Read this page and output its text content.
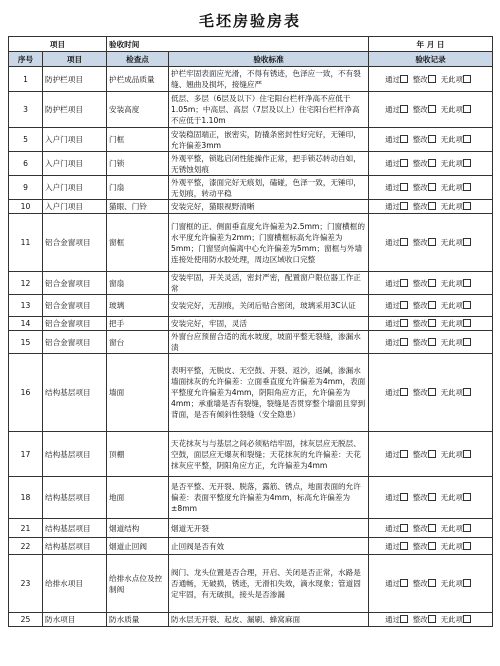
毛坯房验房表
项目		验收时间		年 月 日
序号	项目	检查点	验收标准	验收记录
1	防护栏项目	护栏成品质量	护栏牢固表面应光滑，不得有锈迹，色泽应一致，不有裂缝、翘曲及损坏，接缝应严	通过 整改 无此项
3	防护栏项目	安装高度	低层、多层（6层及以下）住宅阳台栏杆净高不应低于1.05m；中高层、高层（7层及以上）住宅阳台栏杆净高不应低于1.10m	通过 整改 无此项
5	入户门项目	门框	安装稳固端正，嵌密实，防撬条密封性好完好，无锤印，允许偏差3mm	通过 整改 无此项
6	入户门项目	门锁	外观平整，锁匙启闭性能操作正常，把手锁芯转动自如，无锈蚀划痕	通过 整改 无此项
9	入户门项目	门扇	外观平整，漆面完好无痕划，磕碰，色泽一致，无锤印，无划痕，转动平稳	通过 整改 无此项
10	入户门项目	猫眼、门铃	安装完好，猫眼视野清晰	通过 整改 无此项
11	铝合金窗项目	窗框	门窗框的正、侧面垂直度允许偏差为2.5mm；门窗横框的水平度允许偏差为2mm；门窗横框标高允许偏差为5mm；门窗竖向偏离中心允许偏差为5mm；窗框与外墙连接处使用防水胶处理，周边区域收口完整	通过 整改 无此项
12	铝合金窗项目	窗扇	安装牢固，开关灵活，密封严密，配置窗户限位器工作正常	通过 整改 无此项
13	铝合金窗项目	玻璃	安装完好，无刮痕，关闭后贴合密闭，玻璃采用3C认证	通过 整改 无此项
14	铝合金窗项目	把手	安装完好，牢固，灵活	通过 整改 无此项
15	铝合金窗项目	窗台	外窗台应预留合适的流水坡度，坡面平整无裂缝，渗漏水渍	通过 整改 无此项
16	结构基层项目	墙面	表明平整，无脱皮、无空鼓、开裂、返沙，返碱，渗漏水墙面抹灰的允许偏差：立面垂直度允许偏差为4mm，表面平整度允许偏差为4mm，阴阳角应方正，允许偏差为4mm；承重墙是否有裂缝，裂缝是否贯穿整个墙面且穿到背面，是否有倾斜性裂缝（安全隐患）	通过 整改 无此项
17	结构基层项目	顶棚	天花抹灰与与基层之间必须粘结牢固，抹灰层应无脱层、空鼓，面层应无爆灰和裂缝；天花抹灰的允许偏差：天花抹灰应平整，阴阳角应方正，允许偏差为4mm	通过 整改 无此项
18	结构基层项目	地面	是否平整、无开裂、脱落，露筋、锈点，地面表面的允许偏差：表面平整度允许偏差为4mm，标高允许偏差为±8mm	通过 整改 无此项
21	结构基层项目	烟道结构	烟道无开裂	通过 整改 无此项
22	结构基层项目	烟道止回阀	止回阀是否有效	通过 整改 无此项
23	给排水项目	给排水点位及控制阀	阀门、龙头位置是否合理，开启、关闭是否正常，水路是否通畅，无破损，锈迹，无滑扣失效，滴水现象；管道固定牢固，有无破损，接头是否渗漏	通过 整改 无此项
25	防水项目	防水质量	防水层无开裂、起皮、漏刷、蜂窝麻面	通过 整改 无此项
